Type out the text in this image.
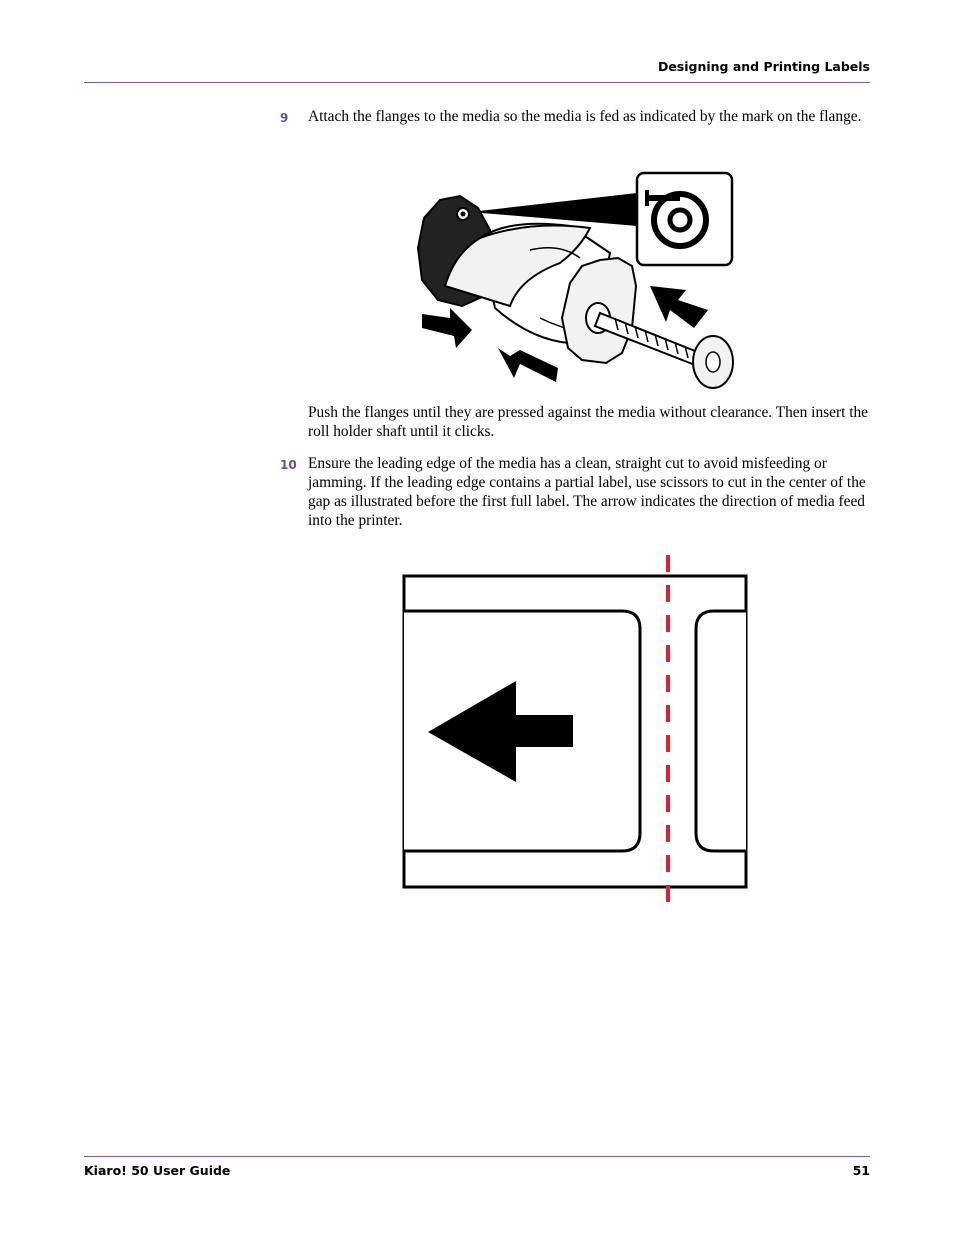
Designing and Printing Labels
9 Attach the flanges to the media so the media is fed as indicated by the mark on the flange.
Push the flanges until they are pressed against the media without clearance. Then insert the roll holder shaft until it clicks.
10 Ensure the leading edge of the media has a clean, straight cut to avoid misfeeding or jamming. If the leading edge contains a partial label, use scissors to cut in the center of the gap as illustrated before the first full label. The arrow indicates the direction of media feed into the printer.
Kiaro! 50 User Guide	51
